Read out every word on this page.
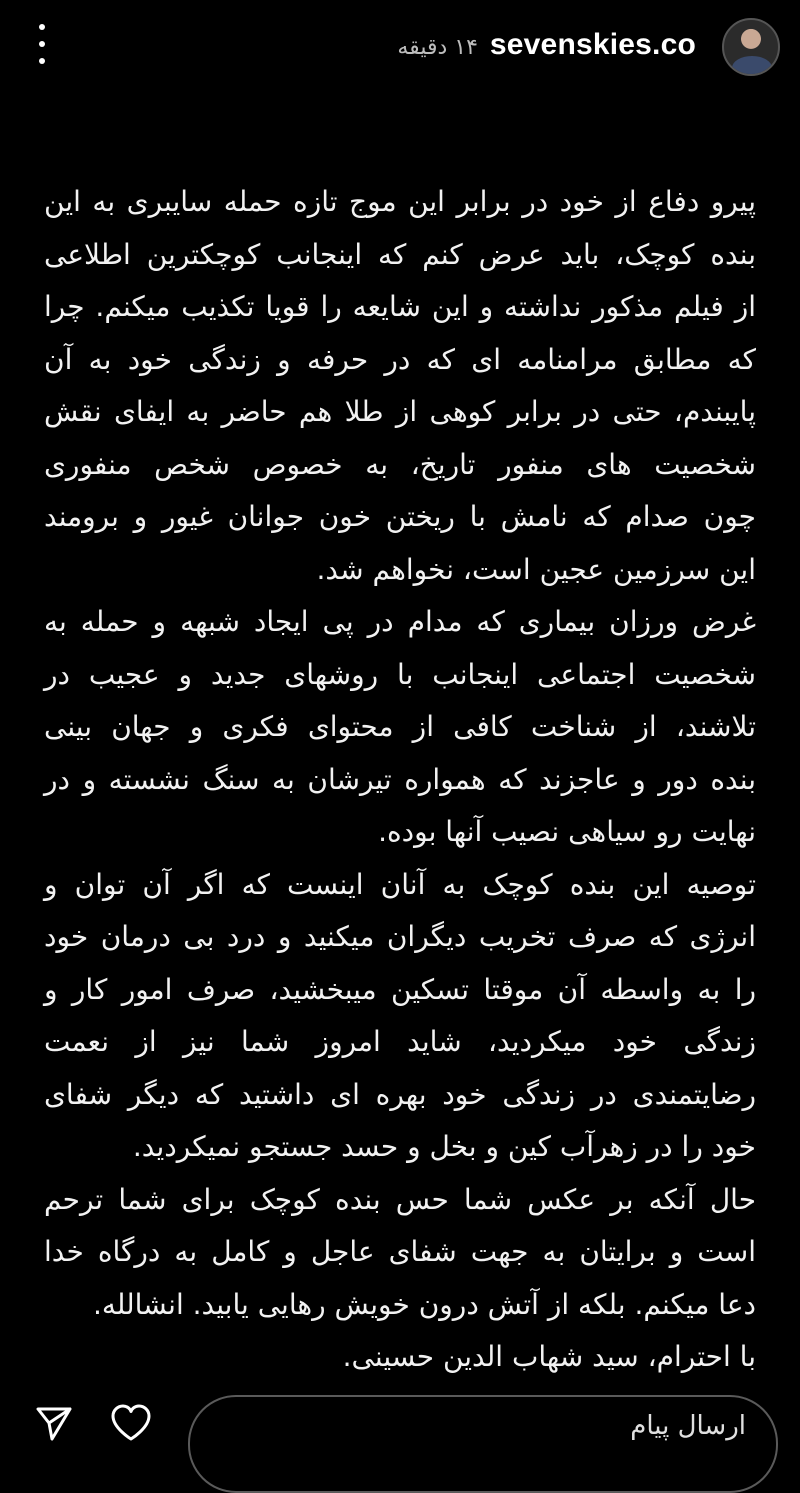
۱۴ دقیقه sevenskies.co
پیرو دفاع از خود در برابر این موج تازه حمله سایبری به این
بنده کوچک، باید عرض کنم که اینجانب کوچکترین اطلاعی
از فیلم مذکور نداشته و این شایعه را قویا تکذیب میکنم. چرا
که مطابق مرامنامه ای که در حرفه و زندگی خود به آن
پایبندم، حتی در برابر کوهی از طلا هم حاضر به ایفای نقش
شخصیت های منفور تاریخ، به خصوص شخص منفوری
چون صدام که نامش با ریختن خون جوانان غیور و برومند
این سرزمین عجین است، نخواهم شد.
غرض ورزان بیماری که مدام در پی ایجاد شبهه و حمله به
شخصیت اجتماعی اینجانب با روشهای جدید و عجیب در
تلاشند، از شناخت کافی از محتوای فکری و جهان بینی
بنده دور و عاجزند که همواره تیرشان به سنگ نشسته و در
نهایت رو سیاهی نصیب آنها بوده.
توصیه این بنده کوچک به آنان اینست که اگر آن توان و
انرژی که صرف تخریب دیگران میکنید و درد بی درمان خود
را به واسطه آن موقتا تسکین میبخشید، صرف امور کار و
زندگی خود میکردید، شاید امروز شما نیز از نعمت
رضایتمندی در زندگی خود بهره ای داشتید که دیگر شفای
خود را در زهرآب کین و بخل و حسد جستجو نمیکردید.
حال آنکه بر عکس شما حس بنده کوچک برای شما ترحم
است و برایتان به جهت شفای عاجل و کامل به درگاه خدا
دعا میکنم. بلکه از آتش درون خویش رهایی یابید. انشالله.
با احترام، سید شهاب الدین حسینی.
ارسال پیام
